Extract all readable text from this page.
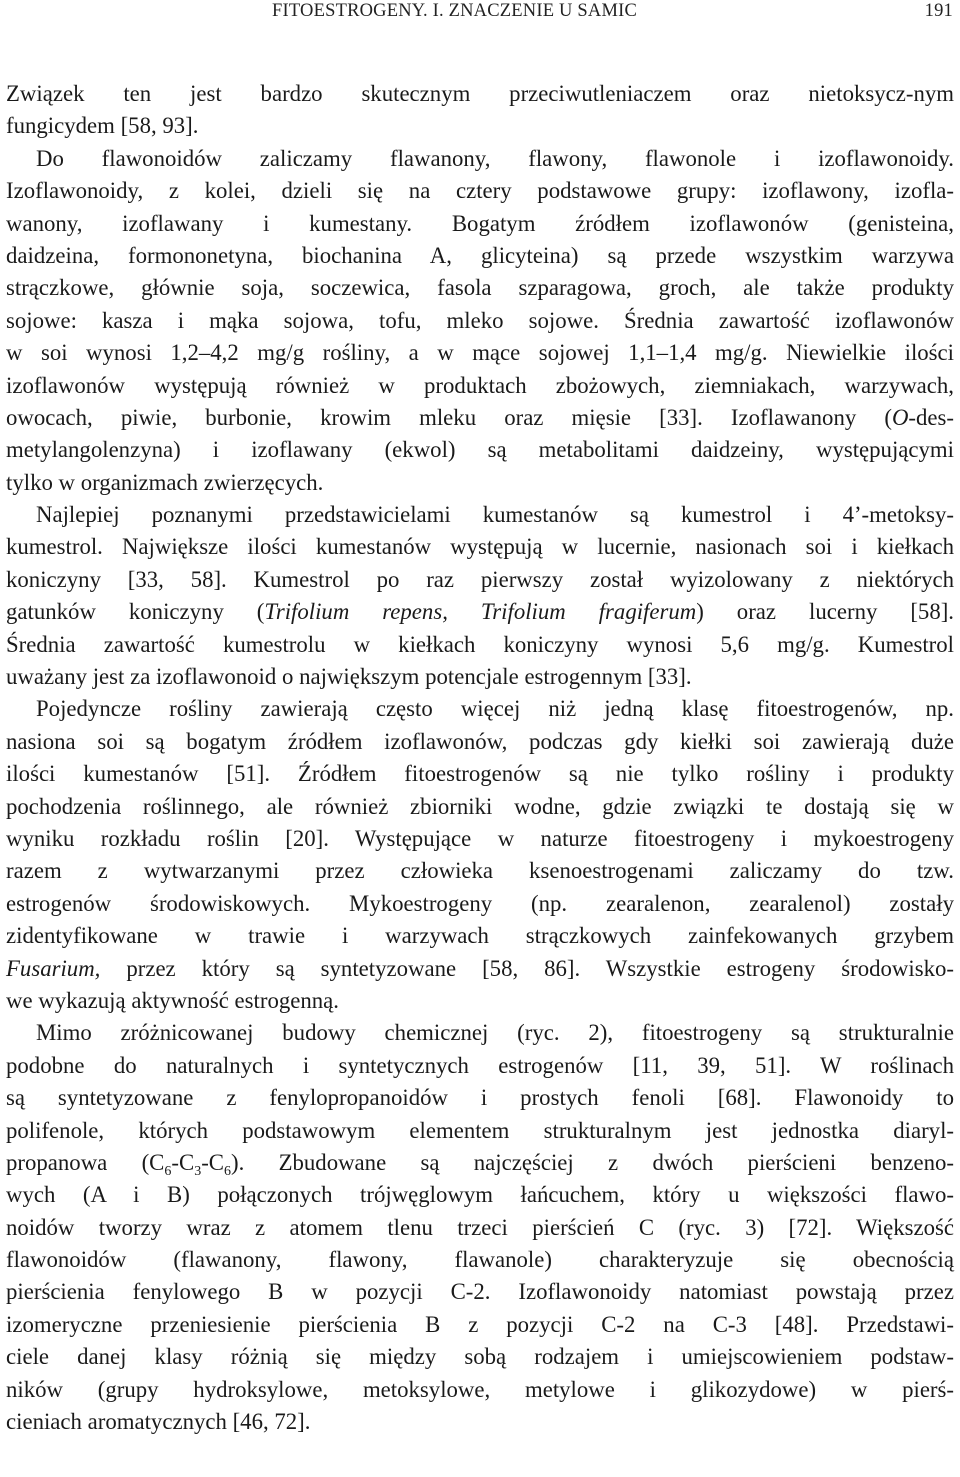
FITOESTROGENY. I. ZNACZENIE U SAMIC	191
Związek ten jest bardzo skutecznym przeciwutleniaczem oraz nietoksycz-nym
fungicydem [58, 93].
Do flawonoidów zaliczamy flawanony, flawony, flawonole i izoflawonoidy.
Izoflawonoidy, z kolei, dzieli się na cztery podstawowe grupy: izoflawony, izofla-
wanony, izoflawany i kumestany. Bogatym źródłem izoflawonów (genisteina,
daidzeina, formononetyna, biochanina A, glicyteina) są przede wszystkim warzywa
strączkowe, głównie soja, soczewica, fasola szparagowa, groch, ale także produkty
sojowe: kasza i mąka sojowa, tofu, mleko sojowe. Średnia zawartość izoflawonów
w soi wynosi 1,2–4,2 mg/g rośliny, a w mące sojowej 1,1–1,4 mg/g. Niewielkie ilości
izoflawonów występują również w produktach zbożowych, ziemniakach, warzywach,
owocach, piwie, burbonie, krowim mleku oraz mięsie [33]. Izoflawanony (O-des-
metylangolenzyna) i izoflawany (ekwol) są metabolitami daidzeiny, występującymi
tylko w organizmach zwierzęcych.
Najlepiej poznanymi przedstawicielami kumestanów są kumestrol i 4’-metoksy-
kumestrol. Największe ilości kumestanów występują w lucernie, nasionach soi i kiełkach
koniczyny [33, 58]. Kumestrol po raz pierwszy został wyizolowany z niektórych
gatunków koniczyny (Trifolium repens, Trifolium fragiferum) oraz lucerny [58].
Średnia zawartość kumestrolu w kiełkach koniczyny wynosi 5,6 mg/g. Kumestrol
uważany jest za izoflawonoid o największym potencjale estrogennym [33].
Pojedyncze rośliny zawierają często więcej niż jedną klasę fitoestrogenów, np.
nasiona soi są bogatym źródłem izoflawonów, podczas gdy kiełki soi zawierają duże
ilości kumestanów [51]. Źródłem fitoestrogenów są nie tylko rośliny i produkty
pochodzenia roślinnego, ale również zbiorniki wodne, gdzie związki te dostają się w
wyniku rozkładu roślin [20]. Występujące w naturze fitoestrogeny i mykoestrogeny
razem z wytwarzanymi przez człowieka ksenoestrogenami zaliczamy do tzw.
estrogenów środowiskowych. Mykoestrogeny (np. zearalenon, zearalenol) zostały
zidentyfikowane w trawie i warzywach strączkowych zainfekowanych grzybem
Fusarium, przez który są syntetyzowane [58, 86]. Wszystkie estrogeny środowisko-
we wykazują aktywność estrogenną.
Mimo zróżnicowanej budowy chemicznej (ryc. 2), fitoestrogeny są strukturalnie
podobne do naturalnych i syntetycznych estrogenów [11, 39, 51]. W roślinach
są syntetyzowane z fenylopropanoidów i prostych fenoli [68]. Flawonoidy to
polifenole, których podstawowym elementem strukturalnym jest jednostka diaryl-
propanowa $(C_6-C_3-C_6)$. Zbudowane są najczęściej z dwóch pierścieni benzeno-
wych (A i B) połączonych trójwęglowym łańcuchem, który u większości flawo-
noidów tworzy wraz z atomem tlenu trzeci pierścień C (ryc. 3) [72]. Większość
flawonoidów (flawanony, flawony, flawanole) charakteryzuje się obecnością
pierścienia fenylowego B w pozycji C-2. Izoflawonoidy natomiast powstają przez
izomeryczne przeniesienie pierścienia B z pozycji C-2 na C-3 [48]. Przedstawi-
ciele danej klasy różnią się między sobą rodzajem i umiejscowieniem podstaw-
ników (grupy hydroksylowe, metoksylowe, metylowe i glikozydowe) w pierś-
cieniach aromatycznych [46, 72].
